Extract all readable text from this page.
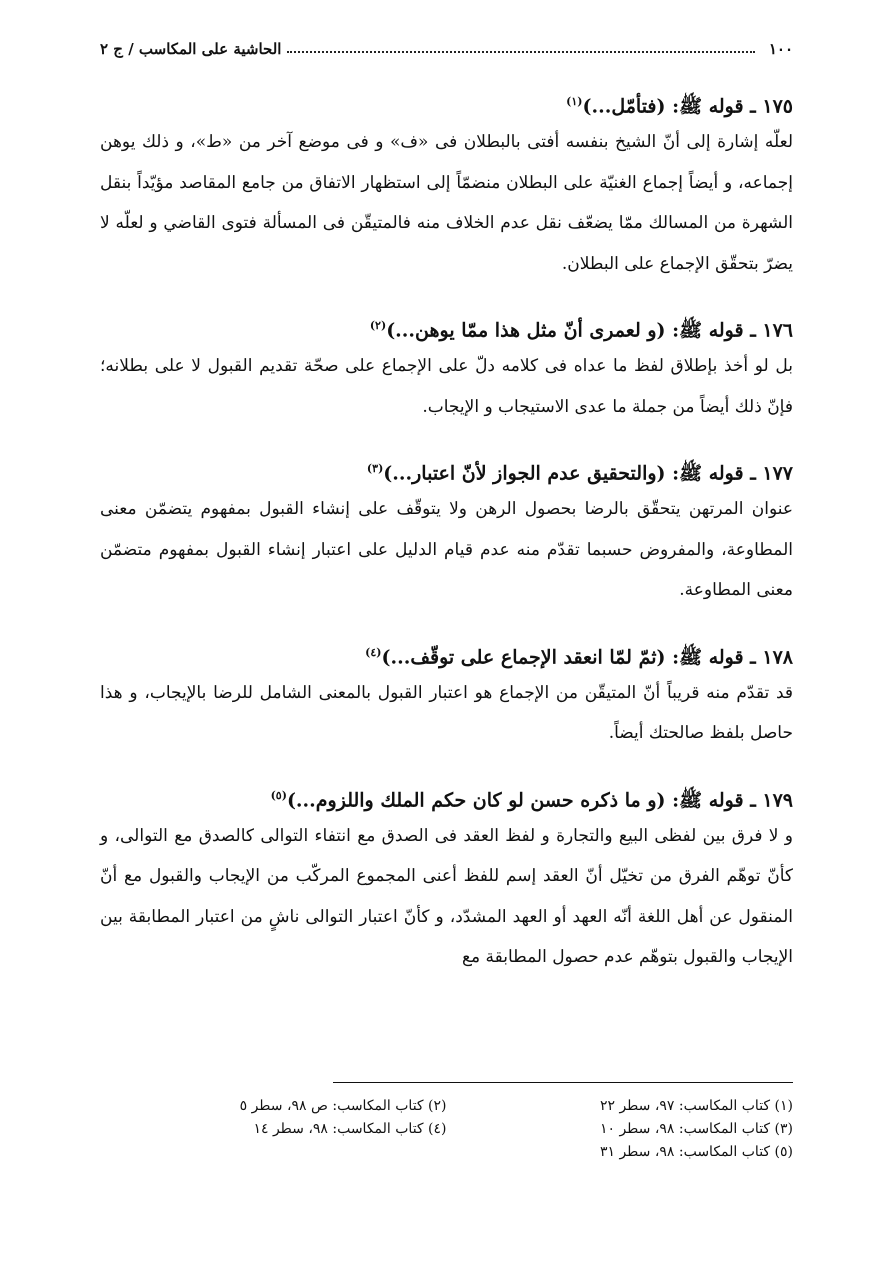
١٠٠
الحاشية على المكاسب / ج ٢
١٧٥ ـ قوله ﷺ: (فتأمّل...)$^{(١)}$
لعلّه إشارة إلى أنّ الشيخ بنفسه أفتى بالبطلان فى «ف» و فى موضع آخر من «ط»، و ذلك يوهن إجماعه، و أيضاً إجماع الغنيّة على البطلان منضمّاً إلى استظهار الاتفاق من جامع المقاصد مؤيّداً بنقل الشهرة من المسالك ممّا يضعّف نقل عدم الخلاف منه فالمتيقّن فى المسألة فتوى القاضي و لعلّه لا يضرّ بتحقّق الإجماع على البطلان.
١٧٦ ـ قوله ﷺ: (و لعمرى أنّ مثل هذا ممّا يوهن...)$^{(٢)}$
بل لو أخذ بإطلاق لفظ ما عداه فى كلامه دلّ على الإجماع على صحّة تقديم القبول لا على بطلانه؛ فإنّ ذلك أيضاً من جملة ما عدى الاستيجاب و الإيجاب.
١٧٧ ـ قوله ﷺ: (والتحقيق عدم الجواز لأنّ اعتبار...)$^{(٣)}$
عنوان المرتهن يتحقّق بالرضا بحصول الرهن ولا يتوقّف على إنشاء القبول بمفهوم يتضمّن معنى المطاوعة، والمفروض حسبما تقدّم منه عدم قيام الدليل على اعتبار إنشاء القبول بمفهوم متضمّن معنى المطاوعة.
١٧٨ ـ قوله ﷺ: (ثمّ لمّا انعقد الإجماع على توقّف...)$^{(٤)}$
قد تقدّم منه قريباً أنّ المتيقّن من الإجماع هو اعتبار القبول بالمعنى الشامل للرضا بالإيجاب، و هذا حاصل بلفظ صالحتك أيضاً.
١٧٩ ـ قوله ﷺ: (و ما ذكره حسن لو كان حكم الملك واللزوم...)$^{(٥)}$
و لا فرق بين لفظى البيع والتجارة و لفظ العقد فى الصدق مع انتفاء التوالى كالصدق مع التوالى، و كأنّ توهّم الفرق من تخيّل أنّ العقد إسم للفظ أعنى المجموع المركّب من الإيجاب والقبول مع أنّ المنقول عن أهل اللغة أنّه العهد أو العهد المشدّد، و كأنّ اعتبار التوالى ناشٍ من اعتبار المطابقة بين الإيجاب والقبول بتوهّم عدم حصول المطابقة مع
(١) كتاب المكاسب: ٩٧، سطر ٢٢
(٢) كتاب المكاسب: ص ٩٨، سطر ٥
(٣) كتاب المكاسب: ٩٨، سطر ١٠
(٤) كتاب المكاسب: ٩٨، سطر ١٤
(٥) كتاب المكاسب: ٩٨، سطر ٣١
